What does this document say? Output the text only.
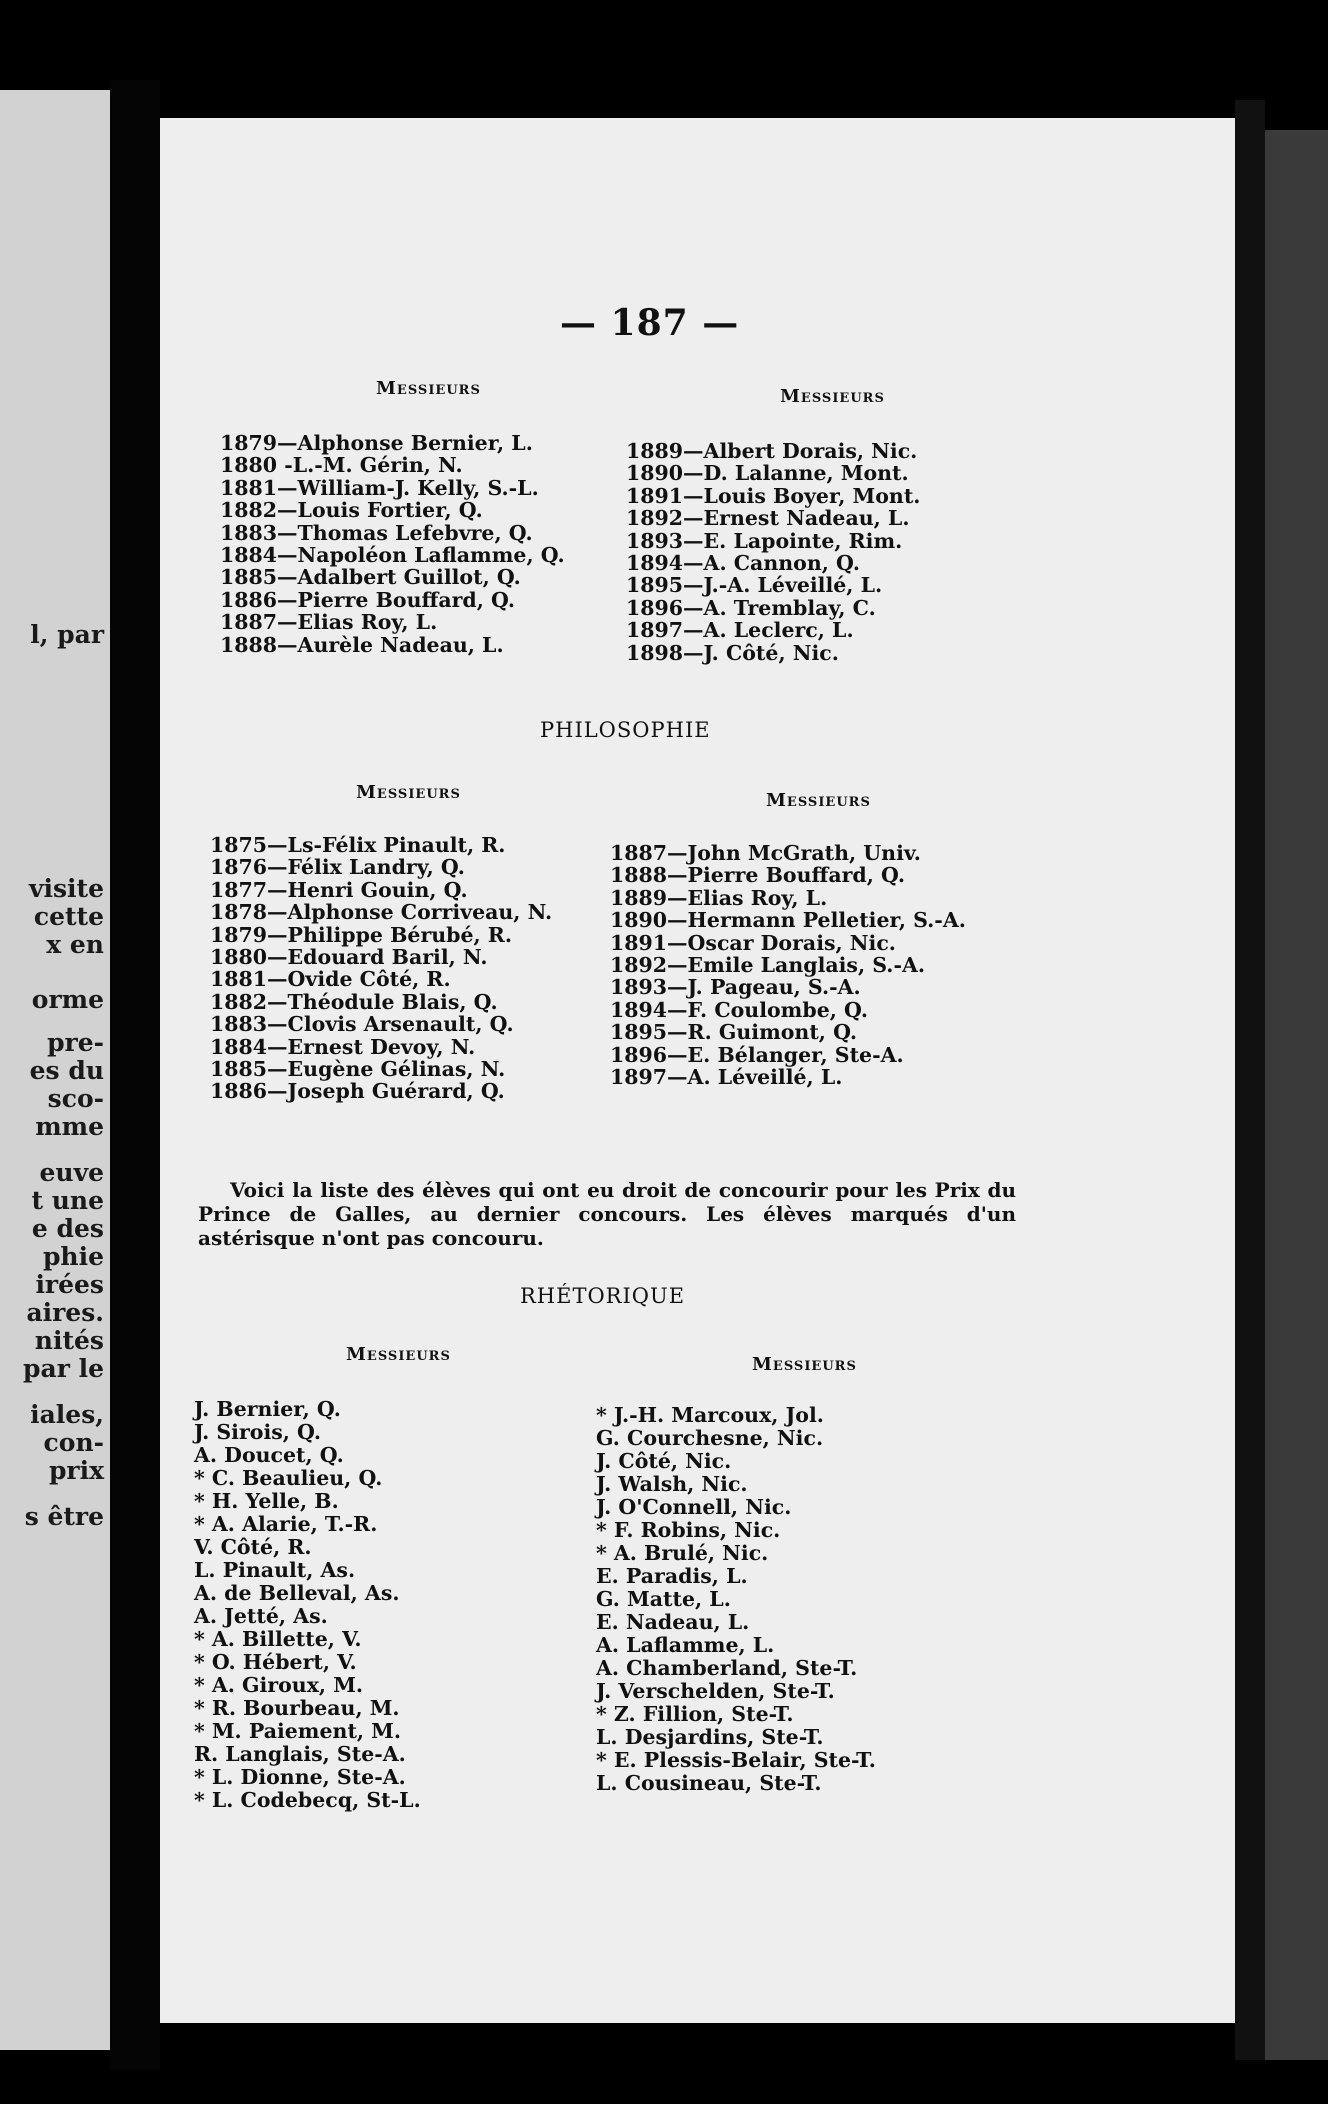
l, par
visite
cette
x en
orme
pre-
es du
sco-
mme
euve
t une
e des
phie
irées
aires.
nités
par le
iales,
con-
prix
s être
— 187 —
Messieurs	Messieurs
1879—Alphonse Bernier, L.
1880 -L.-M. Gérin, N.
1881—William-J. Kelly, S.-L.
1882—Louis Fortier, Q.
1883—Thomas Lefebvre, Q.
1884—Napoléon Laflamme, Q.
1885—Adalbert Guillot, Q.
1886—Pierre Bouffard, Q.
1887—Elias Roy, L.
1888—Aurèle Nadeau, L.
1889—Albert Dorais, Nic.
1890—D. Lalanne, Mont.
1891—Louis Boyer, Mont.
1892—Ernest Nadeau, L.
1893—E. Lapointe, Rim.
1894—A. Cannon, Q.
1895—J.-A. Léveillé, L.
1896—A. Tremblay, C.
1897—A. Leclerc, L.
1898—J. Côté, Nic.
PHILOSOPHIE
Messieurs	Messieurs
1875—Ls-Félix Pinault, R.
1876—Félix Landry, Q.
1877—Henri Gouin, Q.
1878—Alphonse Corriveau, N.
1879—Philippe Bérubé, R.
1880—Edouard Baril, N.
1881—Ovide Côté, R.
1882—Théodule Blais, Q.
1883—Clovis Arsenault, Q.
1884—Ernest Devoy, N.
1885—Eugène Gélinas, N.
1886—Joseph Guérard, Q.
1887—John McGrath, Univ.
1888—Pierre Bouffard, Q.
1889—Elias Roy, L.
1890—Hermann Pelletier, S.-A.
1891—Oscar Dorais, Nic.
1892—Emile Langlais, S.-A.
1893—J. Pageau, S.-A.
1894—F. Coulombe, Q.
1895—R. Guimont, Q.
1896—E. Bélanger, Ste-A.
1897—A. Léveillé, L.

Voici la liste des élèves qui ont eu droit de concourir pour les Prix du Prince de Galles, au dernier concours. Les élèves marqués d'un astérisque n'ont pas concouru.

RHÉTORIQUE
Messieurs	Messieurs
J. Bernier, Q.
J. Sirois, Q.
A. Doucet, Q.
* C. Beaulieu, Q.
* H. Yelle, B.
* A. Alarie, T.-R.
V. Côté, R.
L. Pinault, As.
A. de Belleval, As.
A. Jetté, As.
* A. Billette, V.
* O. Hébert, V.
* A. Giroux, M.
* R. Bourbeau, M.
* M. Paiement, M.
R. Langlais, Ste-A.
* L. Dionne, Ste-A.
* L. Codebecq, St-L.
* J.-H. Marcoux, Jol.
G. Courchesne, Nic.
J. Côté, Nic.
J. Walsh, Nic.
J. O'Connell, Nic.
* F. Robins, Nic.
* A. Brulé, Nic.
E. Paradis, L.
G. Matte, L.
E. Nadeau, L.
A. Laflamme, L.
A. Chamberland, Ste-T.
J. Verschelden, Ste-T.
* Z. Fillion, Ste-T.
L. Desjardins, Ste-T.
* E. Plessis-Belair, Ste-T.
L. Cousineau, Ste-T.
